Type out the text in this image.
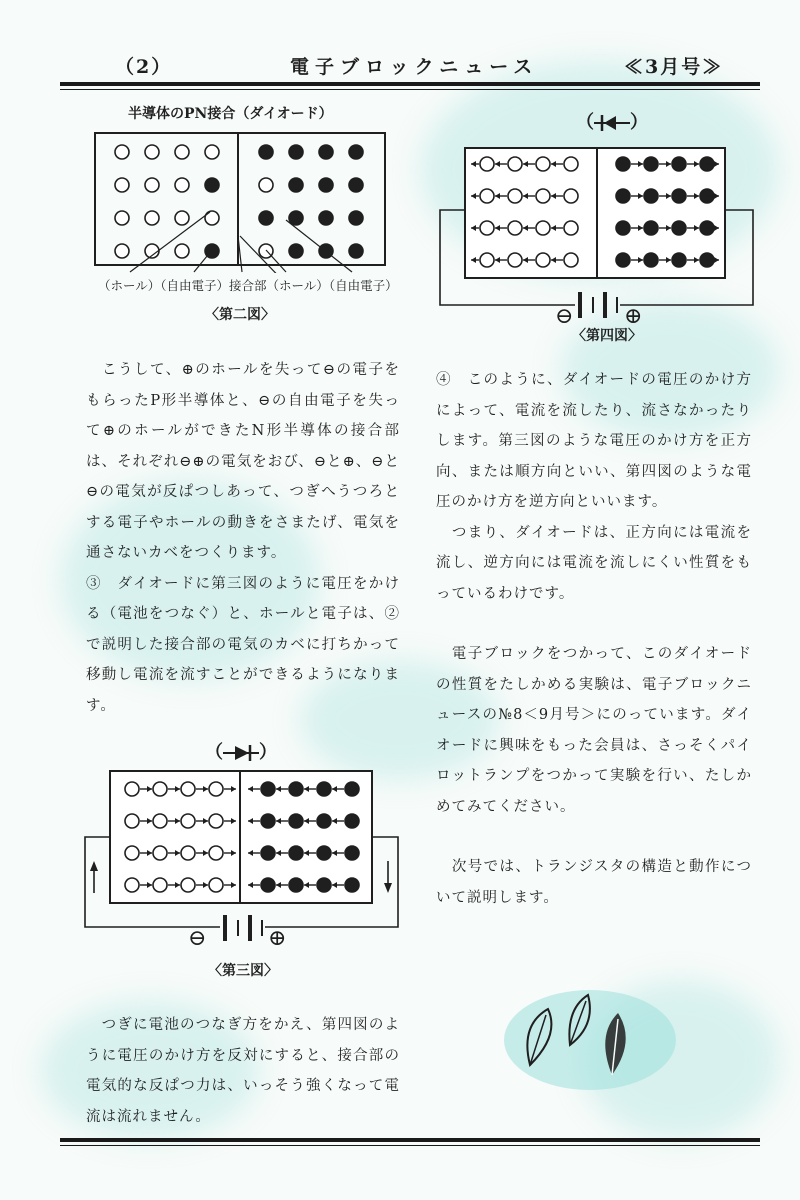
（2）	電子ブロックニュース	≪3月号≫
半導体のPN接合（ダイオード）
（ホール）（自由電子）接合部（ホール）（自由電子）
〈第二図〉
（ ）
⊖ ⊕
〈第四図〉
（ ）
⊖	⊕
〈第三図〉

　こうして、⊕のホールを失って⊖の電子をもらったP形半導体と、⊖の自由電子を失って⊕のホールができたN形半導体の接合部は、それぞれ⊖⊕の電気をおび、⊖と⊕、⊖と⊖の電気が反ぱつしあって、つぎへうつろとする電子やホールの動きをさまたげ、電気を通さないカベをつくります。

③　ダイオードに第三図のように電圧をかける（電池をつなぐ）と、ホールと電子は、②で説明した接合部の電気のカベに打ちかって移動し電流を流すことができるようになります。

　つぎに電池のつなぎ方をかえ、第四図のように電圧のかけ方を反対にすると、接合部の電気的な反ぱつ力は、いっそう強くなって電流は流れません。

④　このように、ダイオードの電圧のかけ方によって、電流を流したり、流さなかったりします。第三図のような電圧のかけ方を正方向、または順方向といい、第四図のような電圧のかけ方を逆方向といいます。

　つまり、ダイオードは、正方向には電流を流し、逆方向には電流を流しにくい性質をもっているわけです。

　電子ブロックをつかって、このダイオードの性質をたしかめる実験は、電子ブロックニュースの№8＜9月号＞にのっています。ダイオードに興味をもった会員は、さっそくパイロットランプをつかって実験を行い、たしかめてみてください。

　次号では、トランジスタの構造と動作について説明します。
